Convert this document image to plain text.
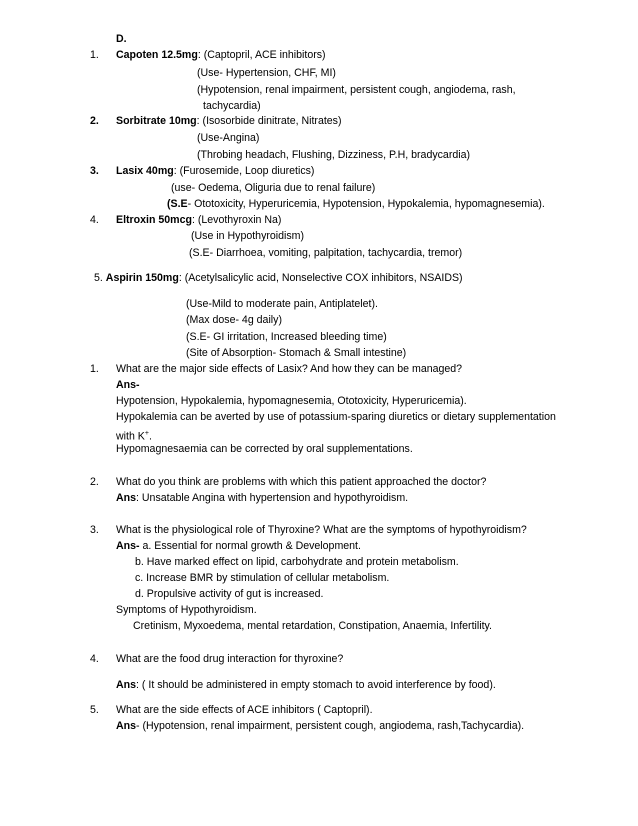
D.
1. Capoten 12.5mg: (Captopril, ACE inhibitors)
(Use- Hypertension, CHF, MI)
(Hypotension, renal impairment, persistent cough, angiodema, rash,
tachycardia)
2. Sorbitrate 10mg: (Isosorbide dinitrate, Nitrates)
(Use-Angina)
(Throbing headach, Flushing, Dizziness, P.H, bradycardia)
3. Lasix 40mg: (Furosemide, Loop diuretics)
(use- Oedema, Oliguria due to renal failure)
(S.E- Ototoxicity, Hyperuricemia, Hypotension, Hypokalemia, hypomagnesemia).
4. Eltroxin 50mcg: (Levothyroxin Na)
(Use in Hypothyroidism)
(S.E- Diarrhoea, vomiting, palpitation, tachycardia, tremor)
5. Aspirin 150mg: (Acetylsalicylic acid, Nonselective COX inhibitors, NSAIDS)
(Use-Mild to moderate pain, Antiplatelet).
(Max dose- 4g daily)
(S.E- GI irritation, Increased bleeding time)
(Site of Absorption- Stomach & Small intestine)
1. What are the major side effects of Lasix? And how they can be managed?
Ans-
Hypotension, Hypokalemia, hypomagnesemia, Ototoxicity, Hyperuricemia).
Hypokalemia can be averted by use of potassium-sparing diuretics or dietary supplementation
with K+.
Hypomagnesaemia can be corrected by oral supplementations.
2. What do you think are problems with which this patient approached the doctor?
Ans: Unsatable Angina with hypertension and hypothyroidism.
3. What is the physiological role of Thyroxine? What are the symptoms of hypothyroidism?
Ans- a. Essential for normal growth & Development.
b. Have marked effect on lipid, carbohydrate and protein metabolism.
c. Increase BMR by stimulation of cellular metabolism.
d. Propulsive activity of gut is increased.
Symptoms of Hypothyroidism.
Cretinism, Myxoedema, mental retardation, Constipation, Anaemia, Infertility.
4. What are the food drug interaction for thyroxine?
Ans: ( It should be administered in empty stomach to avoid interference by food).
5. What are the side effects of ACE inhibitors ( Captopril).
Ans- (Hypotension, renal impairment, persistent cough, angiodema, rash,Tachycardia).
